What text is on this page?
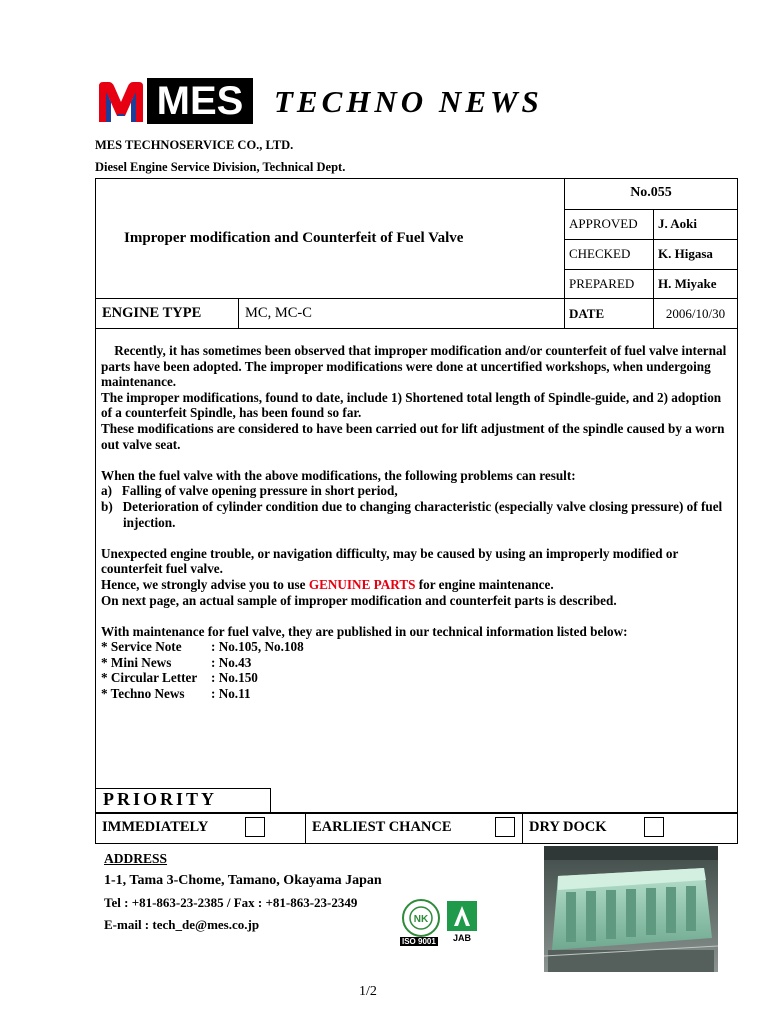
MES TECHNO NEWS
MES TECHNOSERVICE CO., LTD.
Diesel Engine Service Division, Technical Dept.
Improper modification and Counterfeit of Fuel Valve
No.055
APPROVED J. Aoki
CHECKED K. Higasa
PREPARED H. Miyake
ENGINE TYPE	MC, MC-C	DATE	2006/10/30

Recently, it has sometimes been observed that improper modification and/or counterfeit of fuel valve internal parts have been adopted. The improper modifications were done at uncertified workshops, when undergoing maintenance.

The improper modifications, found to date, include 1) Shortened total length of Spindle-guide, and 2) adoption of a counterfeit Spindle, has been found so far.

These modifications are considered to have been carried out for lift adjustment of the spindle caused by a worn out valve seat.

When the fuel valve with the above modifications, the following problems can result:

a)   Falling of valve opening pressure in short period,

b)   Deterioration of cylinder condition due to changing characteristic (especially valve closing pressure) of fuel injection.

Unexpected engine trouble, or navigation difficulty, may be caused by using an improperly modified or counterfeit fuel valve.

Hence, we strongly advise you to use GENUINE PARTS for engine maintenance.

On next page, an actual sample of improper modification and counterfeit parts is described.

With maintenance for fuel valve, they are published in our technical information listed below:

* Service Note	: No.105, No.108
* Mini News	: No.43
* Circular Letter	: No.150
* Techno News	: No.11
PRIORITY
IMMEDIATELY	EARLIEST CHANCE	DRY DOCK
ADDRESS
1-1, Tama 3-Chome, Tamano, Okayama Japan
Tel : +81-863-23-2385 / Fax : +81-863-23-2349
E-mail : tech_de@mes.co.jp	NK
ISO 9001 JAB
1/2
